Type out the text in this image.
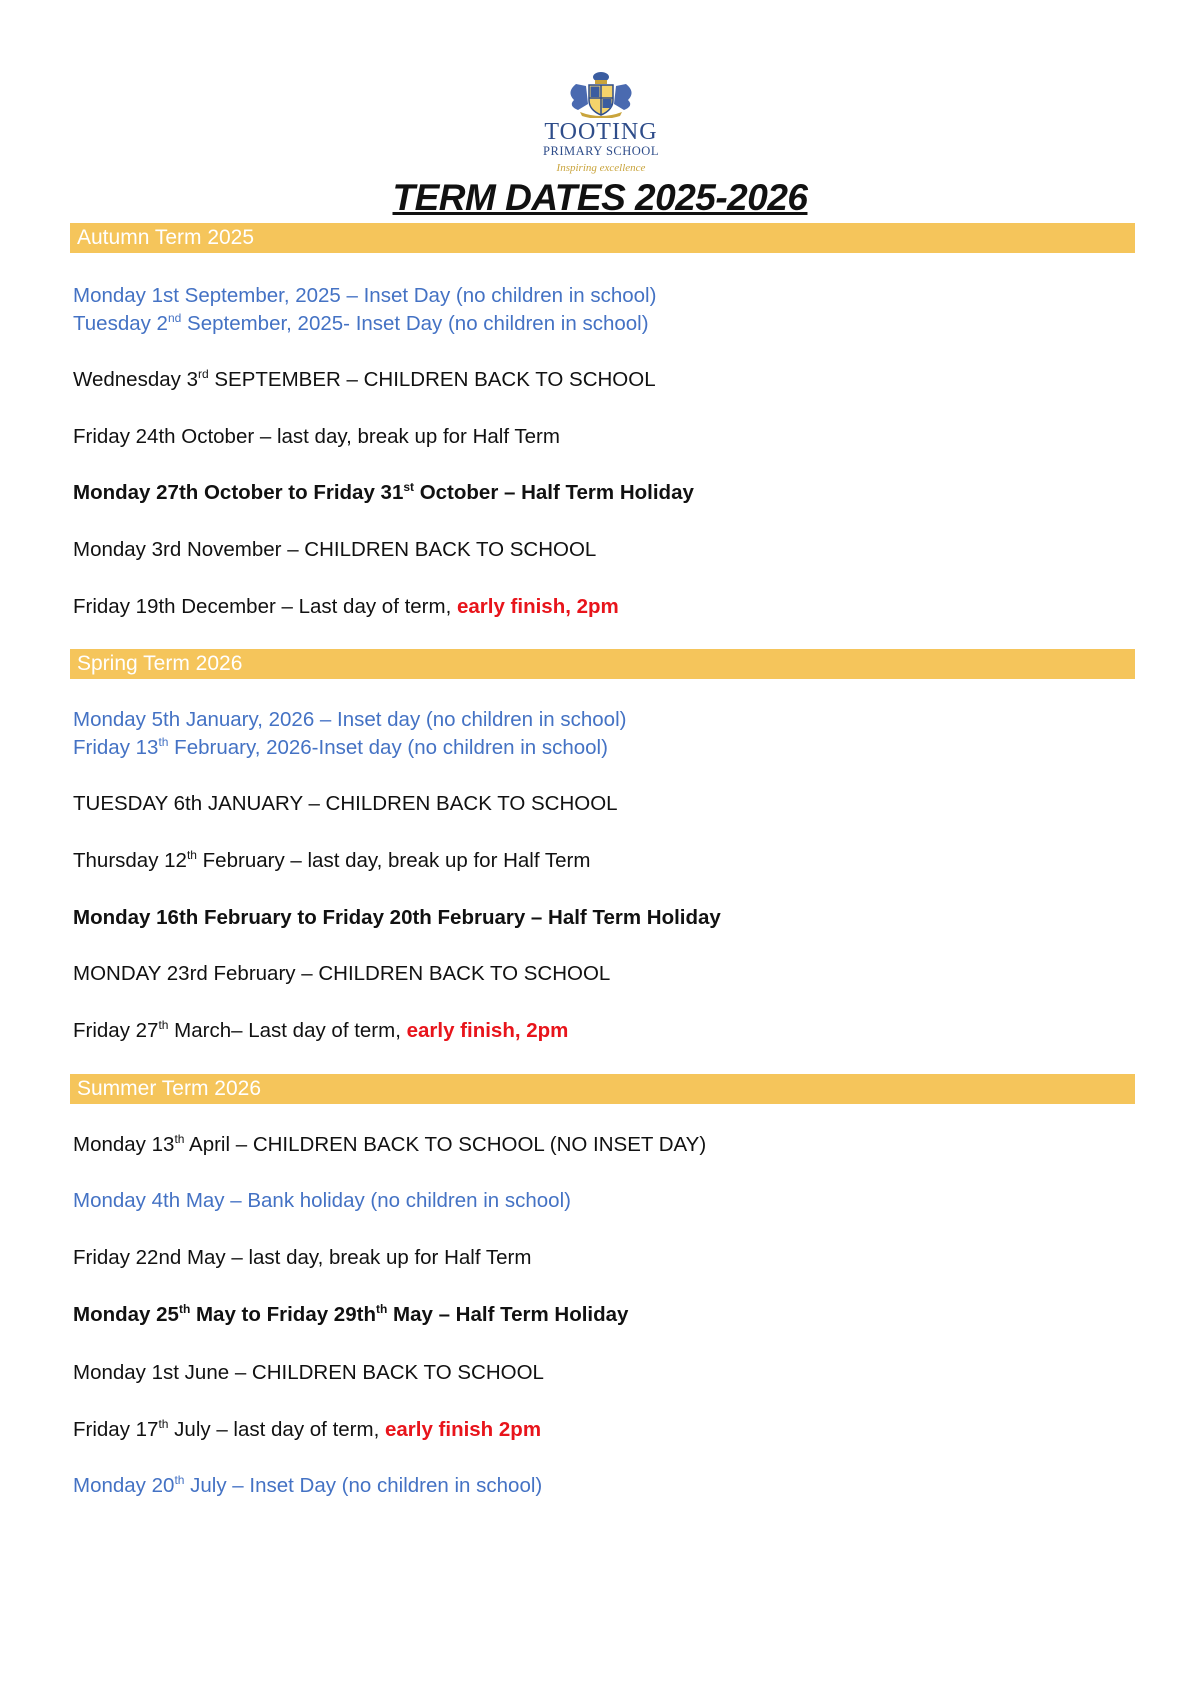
TOOTING
PRIMARY SCHOOL
Inspiring excellence
TERM DATES 2025-2026
Autumn Term 2025
Monday 1st September, 2025 – Inset Day (no children in school)
Tuesday 2nd September, 2025- Inset Day (no children in school)
Wednesday 3rd SEPTEMBER – CHILDREN BACK TO SCHOOL
Friday 24th October – last day, break up for Half Term
Monday 27th October to Friday 31st October – Half Term Holiday
Monday 3rd November – CHILDREN BACK TO SCHOOL
Friday 19th December – Last day of term, early finish, 2pm
Spring Term 2026
Monday 5th January, 2026 – Inset day (no children in school)
Friday 13th February, 2026-Inset day (no children in school)
TUESDAY 6th JANUARY – CHILDREN BACK TO SCHOOL
Thursday 12th February – last day, break up for Half Term
Monday 16th February to Friday 20th February – Half Term Holiday
MONDAY 23rd February – CHILDREN BACK TO SCHOOL
Friday 27th March– Last day of term, early finish, 2pm
Summer Term 2026
Monday 13th April – CHILDREN BACK TO SCHOOL (NO INSET DAY)
Monday 4th May – Bank holiday (no children in school)
Friday 22nd May – last day, break up for Half Term
Monday 25th May to Friday $29th^{th}$ May – Half Term Holiday
Monday 1st June – CHILDREN BACK TO SCHOOL
Friday 17th July – last day of term, early finish 2pm
Monday 20th July – Inset Day (no children in school)
